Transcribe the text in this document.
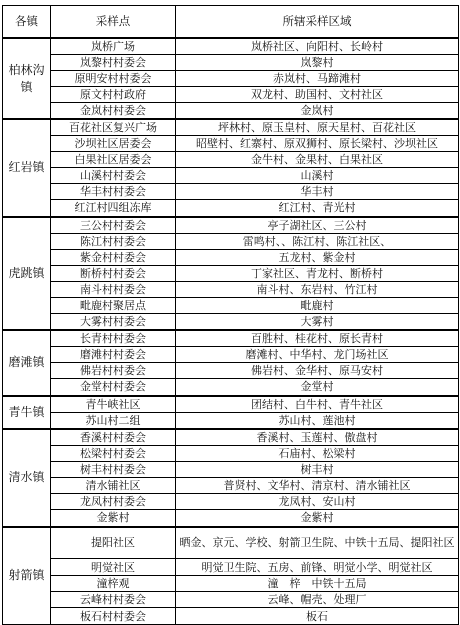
各镇	采样点	所辖采样区域
柏林沟镇	岚桥广场	岚桥社区、向阳村、长岭村
	岚黎村村委会	岚黎村
	原明安村村委会	赤岚村、马蹄滩村
	原文村村政府	双龙村、助国村、文村社区
	金岚村村委会	金岚村
红岩镇	百花社区复兴广场	坪林村、原玉皇村、原天星村、百花社区
	沙坝社区居委会	昭壁村、红寨村、原双狮村、原长梁村、沙坝社区
	白果社区居委会	金牛村、金果村、白果社区
	山溪村村委会	山溪村
	华丰村村委会	华丰村
	红江村四组冻库	红江村、青光村
虎跳镇	三公村村委会	亭子湖社区、三公村
	陈江村村委会	雷鸣村、、陈江村、陈江社区、
	紫金村村委会	五龙村、紫金村
	断桥村村委会	丁家社区、青龙村、断桥村
	南斗村村委会	南斗村、东岩村、竹江村
	毗鹿村聚居点	毗鹿村
	大雾村村委会	大雾村
磨滩镇	长青村村委会	百胜村、桂花村、原长青村
	磨滩村村委会	磨滩村、中华村、龙门场社区
	佛岩村村委会	佛岩村、金华村、原马安村
	金堂村村委会	金堂村
青牛镇	青牛峡社区	团结村、白牛村、青牛社区
	苏山村二组	苏山村、莲池村
清水镇	香溪村村委会	香溪村、玉莲村、傲盘村
	松梁村村委会	石庙村、松梁村
	树丰村村委会	树丰村
	清水铺社区	普贤村、文华村、清京村、清水铺社区
	龙凤村村委会	龙凤村、安山村
	金紫村	金紫村
射箭镇	提阳社区	晒金、京元、学校、射箭卫生院、中铁十五局、提阳社区
	明觉社区	明觉卫生院、五房、前锋、明觉小学、明觉社区
	潼梓观	潼　梓　中铁十五局
	云峰村村委会	云峰、帽壳、处理厂
	板石村村委会	板石
